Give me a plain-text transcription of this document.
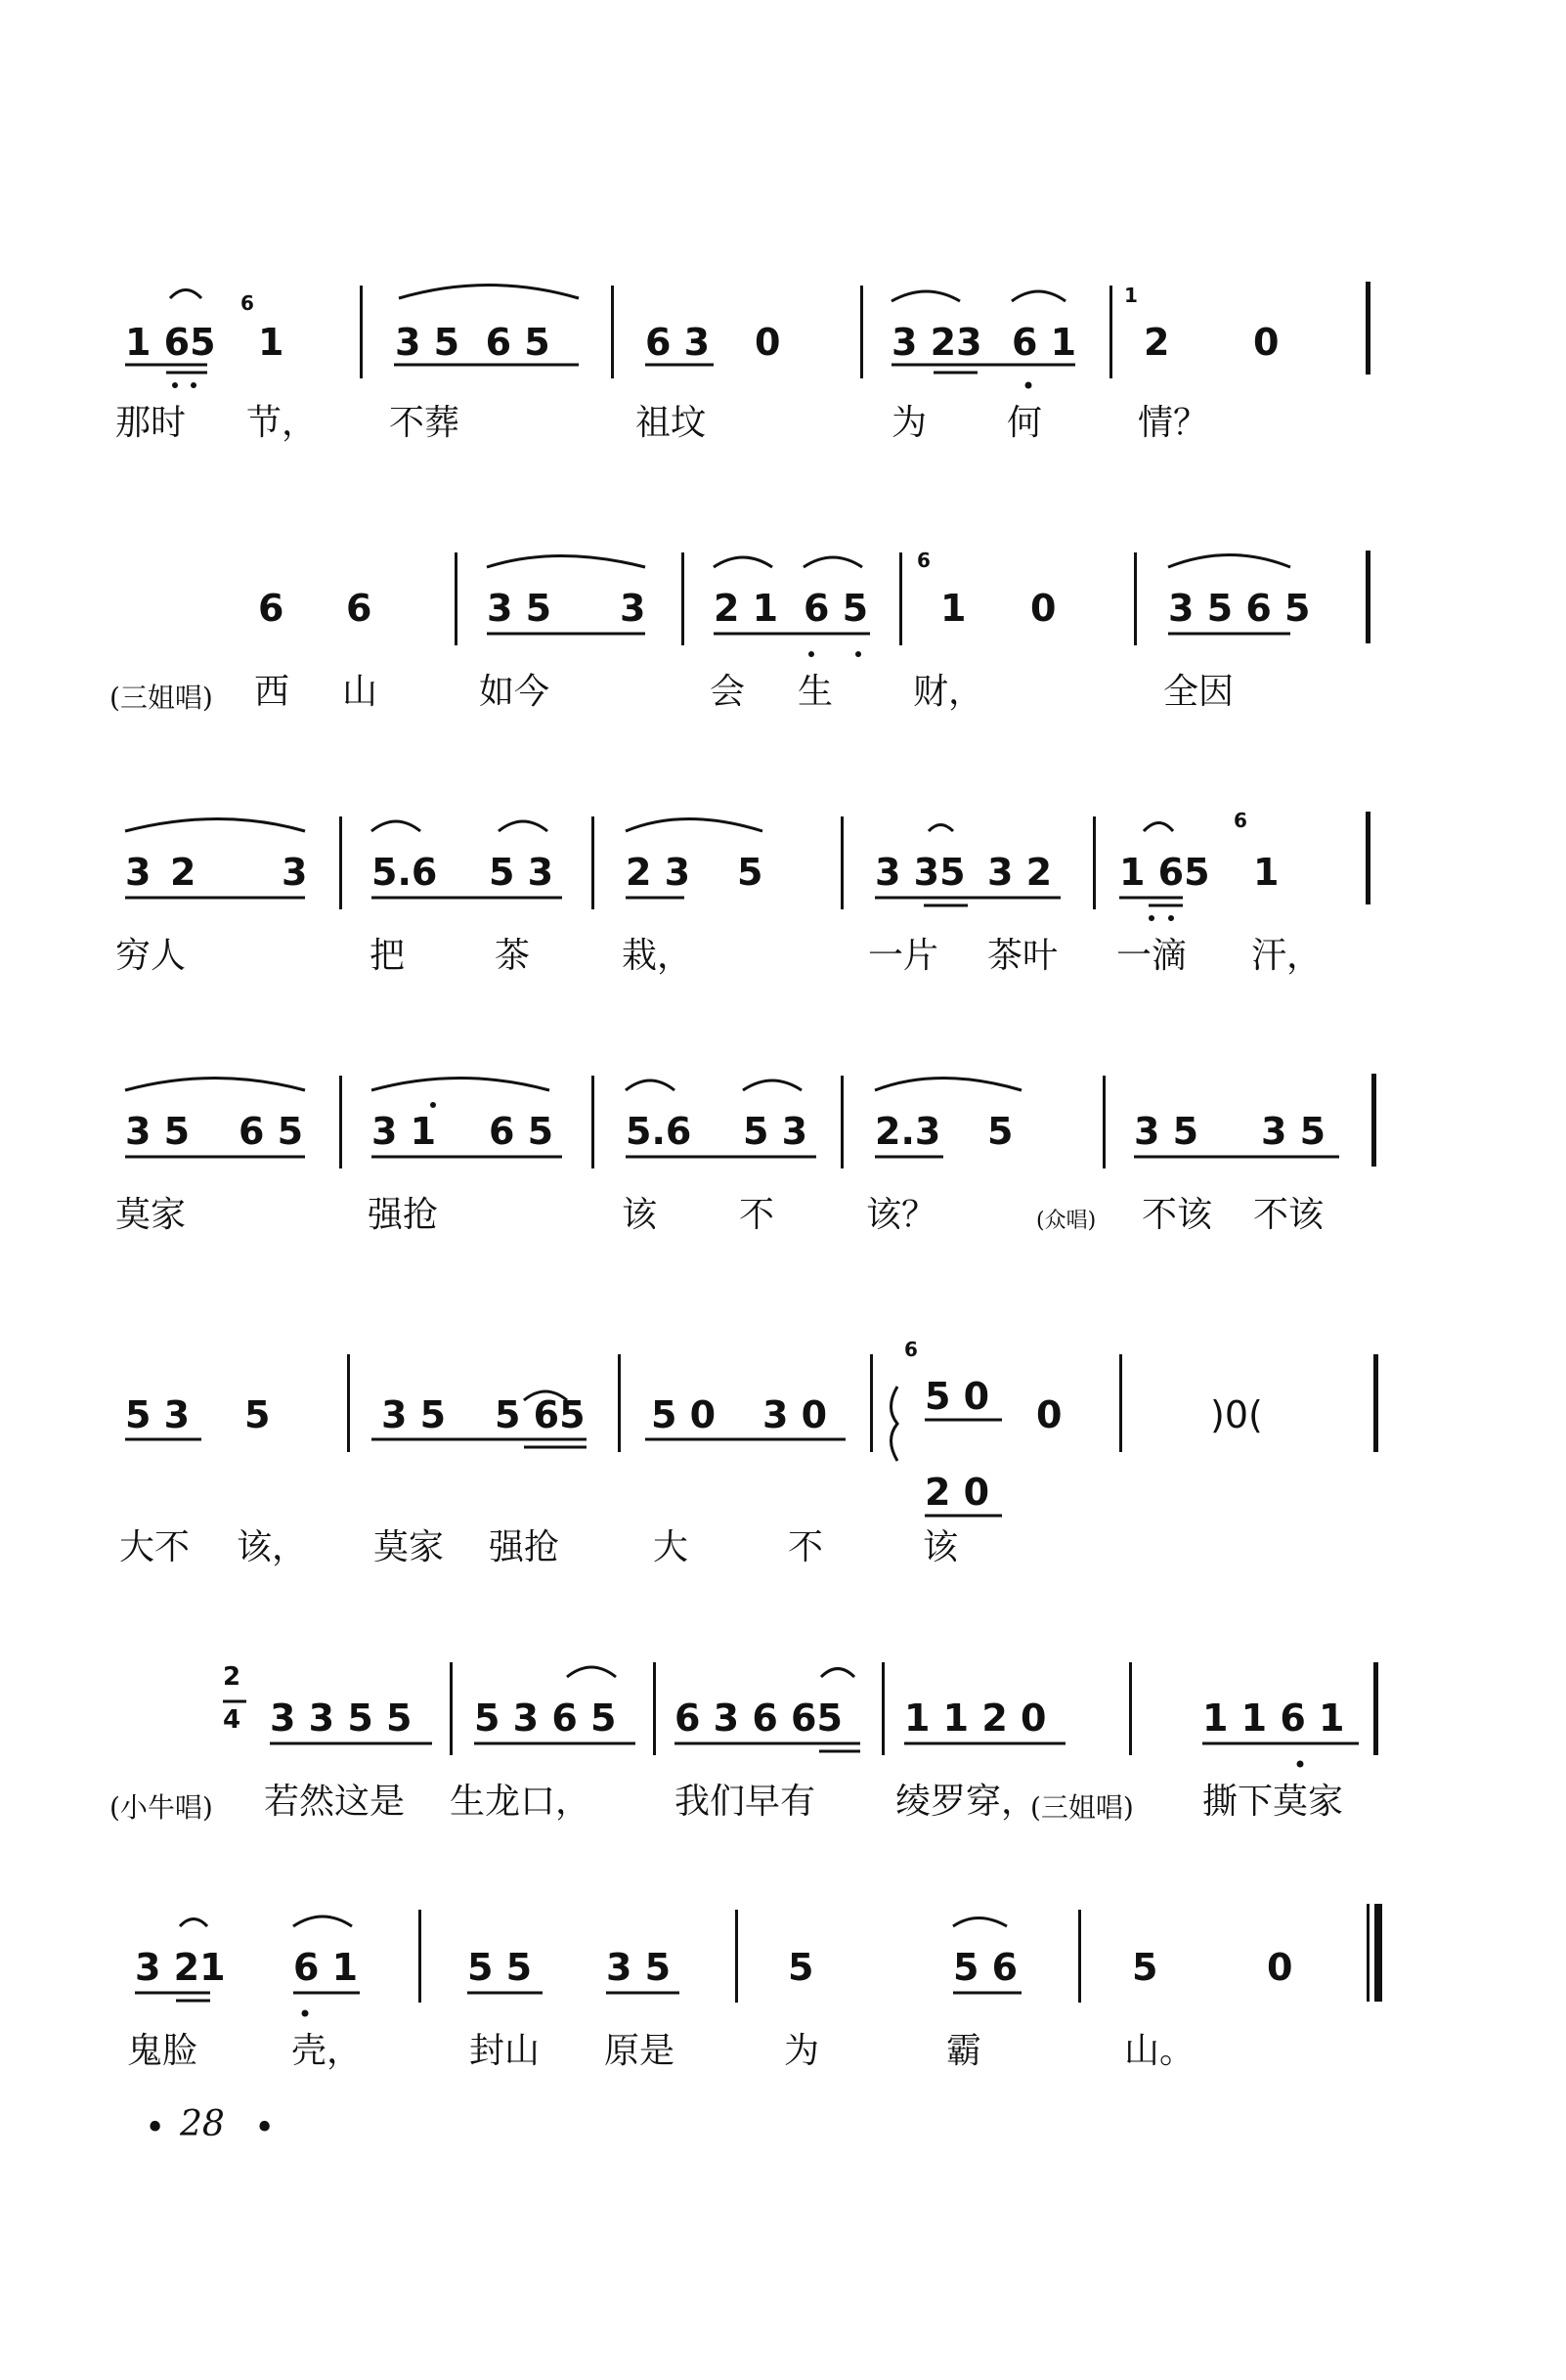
1 65
6
1	3 5  6 5	6 3 0	3 23 6 1
1
2 0
那时 节， 不葬	祖坟	为 何	情？
6 6	3 5 3 2 1 6 5
6
1 0	3 5 6 5
(三姐唱) 西 山	如今	会 生 财，	全因
3 2 3 5.6 5 3 2 3 5	3 35 3 2 1 65
6
1
穷人	把	茶	栽，	一片 茶叶 一滴 汗，
3 5 6 5 3 1 6 5 5.6 5 3 2.3 5	3 5 3 5
莫家	强抢	该 不	该？	(众唱) 不该 不该
5 3 5	3 5 5 65 5 0 3 0
6
5 0
2 0
0	)0(
大不 该， 莫家 强抢	大	不	该
2
4 3 3 5 5 5 3 6 5 6 3 6 65 1 1 2 0	1 1 6 1
(小牛唱) 若然这是 生龙口， 我们早有 绫罗穿，
(三姐唱) 撕下莫家
3 21 6 1	5 5 3 5	5	5 6	5	0
鬼脸	壳，	封山 原是	为	霸	山。
• 28 •
